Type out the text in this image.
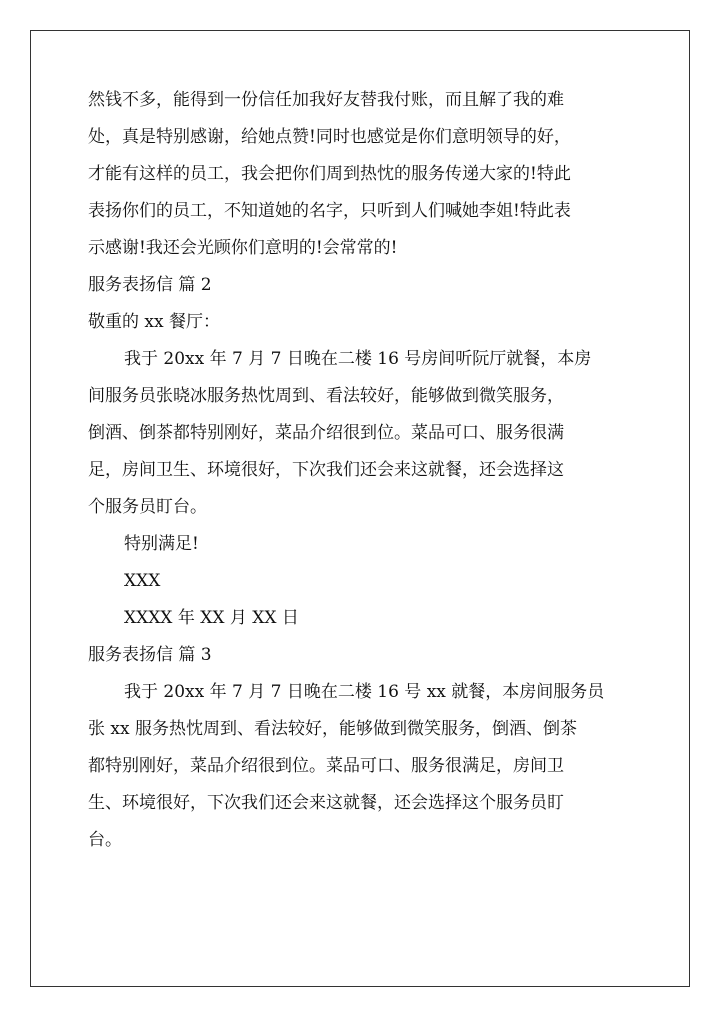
然钱不多，能得到一份信任加我好友替我付账，而且解了我的难
处，真是特别感谢，给她点赞!同时也感觉是你们意明领导的好，
才能有这样的员工，我会把你们周到热忱的服务传递大家的!特此
表扬你们的员工，不知道她的名字，只听到人们喊她李姐!特此表
示感谢!我还会光顾你们意明的!会常常的!
服务表扬信 篇 2
敬重的 xx 餐厅：
我于 20xx 年 7 月 7 日晚在二楼 16 号房间听阮厅就餐，本房
间服务员张晓冰服务热忱周到、看法较好，能够做到微笑服务，
倒酒、倒茶都特别刚好，菜品介绍很到位。菜品可口、服务很满
足，房间卫生、环境很好，下次我们还会来这就餐，还会选择这
个服务员盯台。
特别满足!
XXX
XXXX 年 XX 月 XX 日
服务表扬信 篇 3
我于 20xx 年 7 月 7 日晚在二楼 16 号 xx 就餐，本房间服务员
张 xx 服务热忱周到、看法较好，能够做到微笑服务，倒酒、倒茶
都特别刚好，菜品介绍很到位。菜品可口、服务很满足，房间卫
生、环境很好，下次我们还会来这就餐，还会选择这个服务员盯
台。
